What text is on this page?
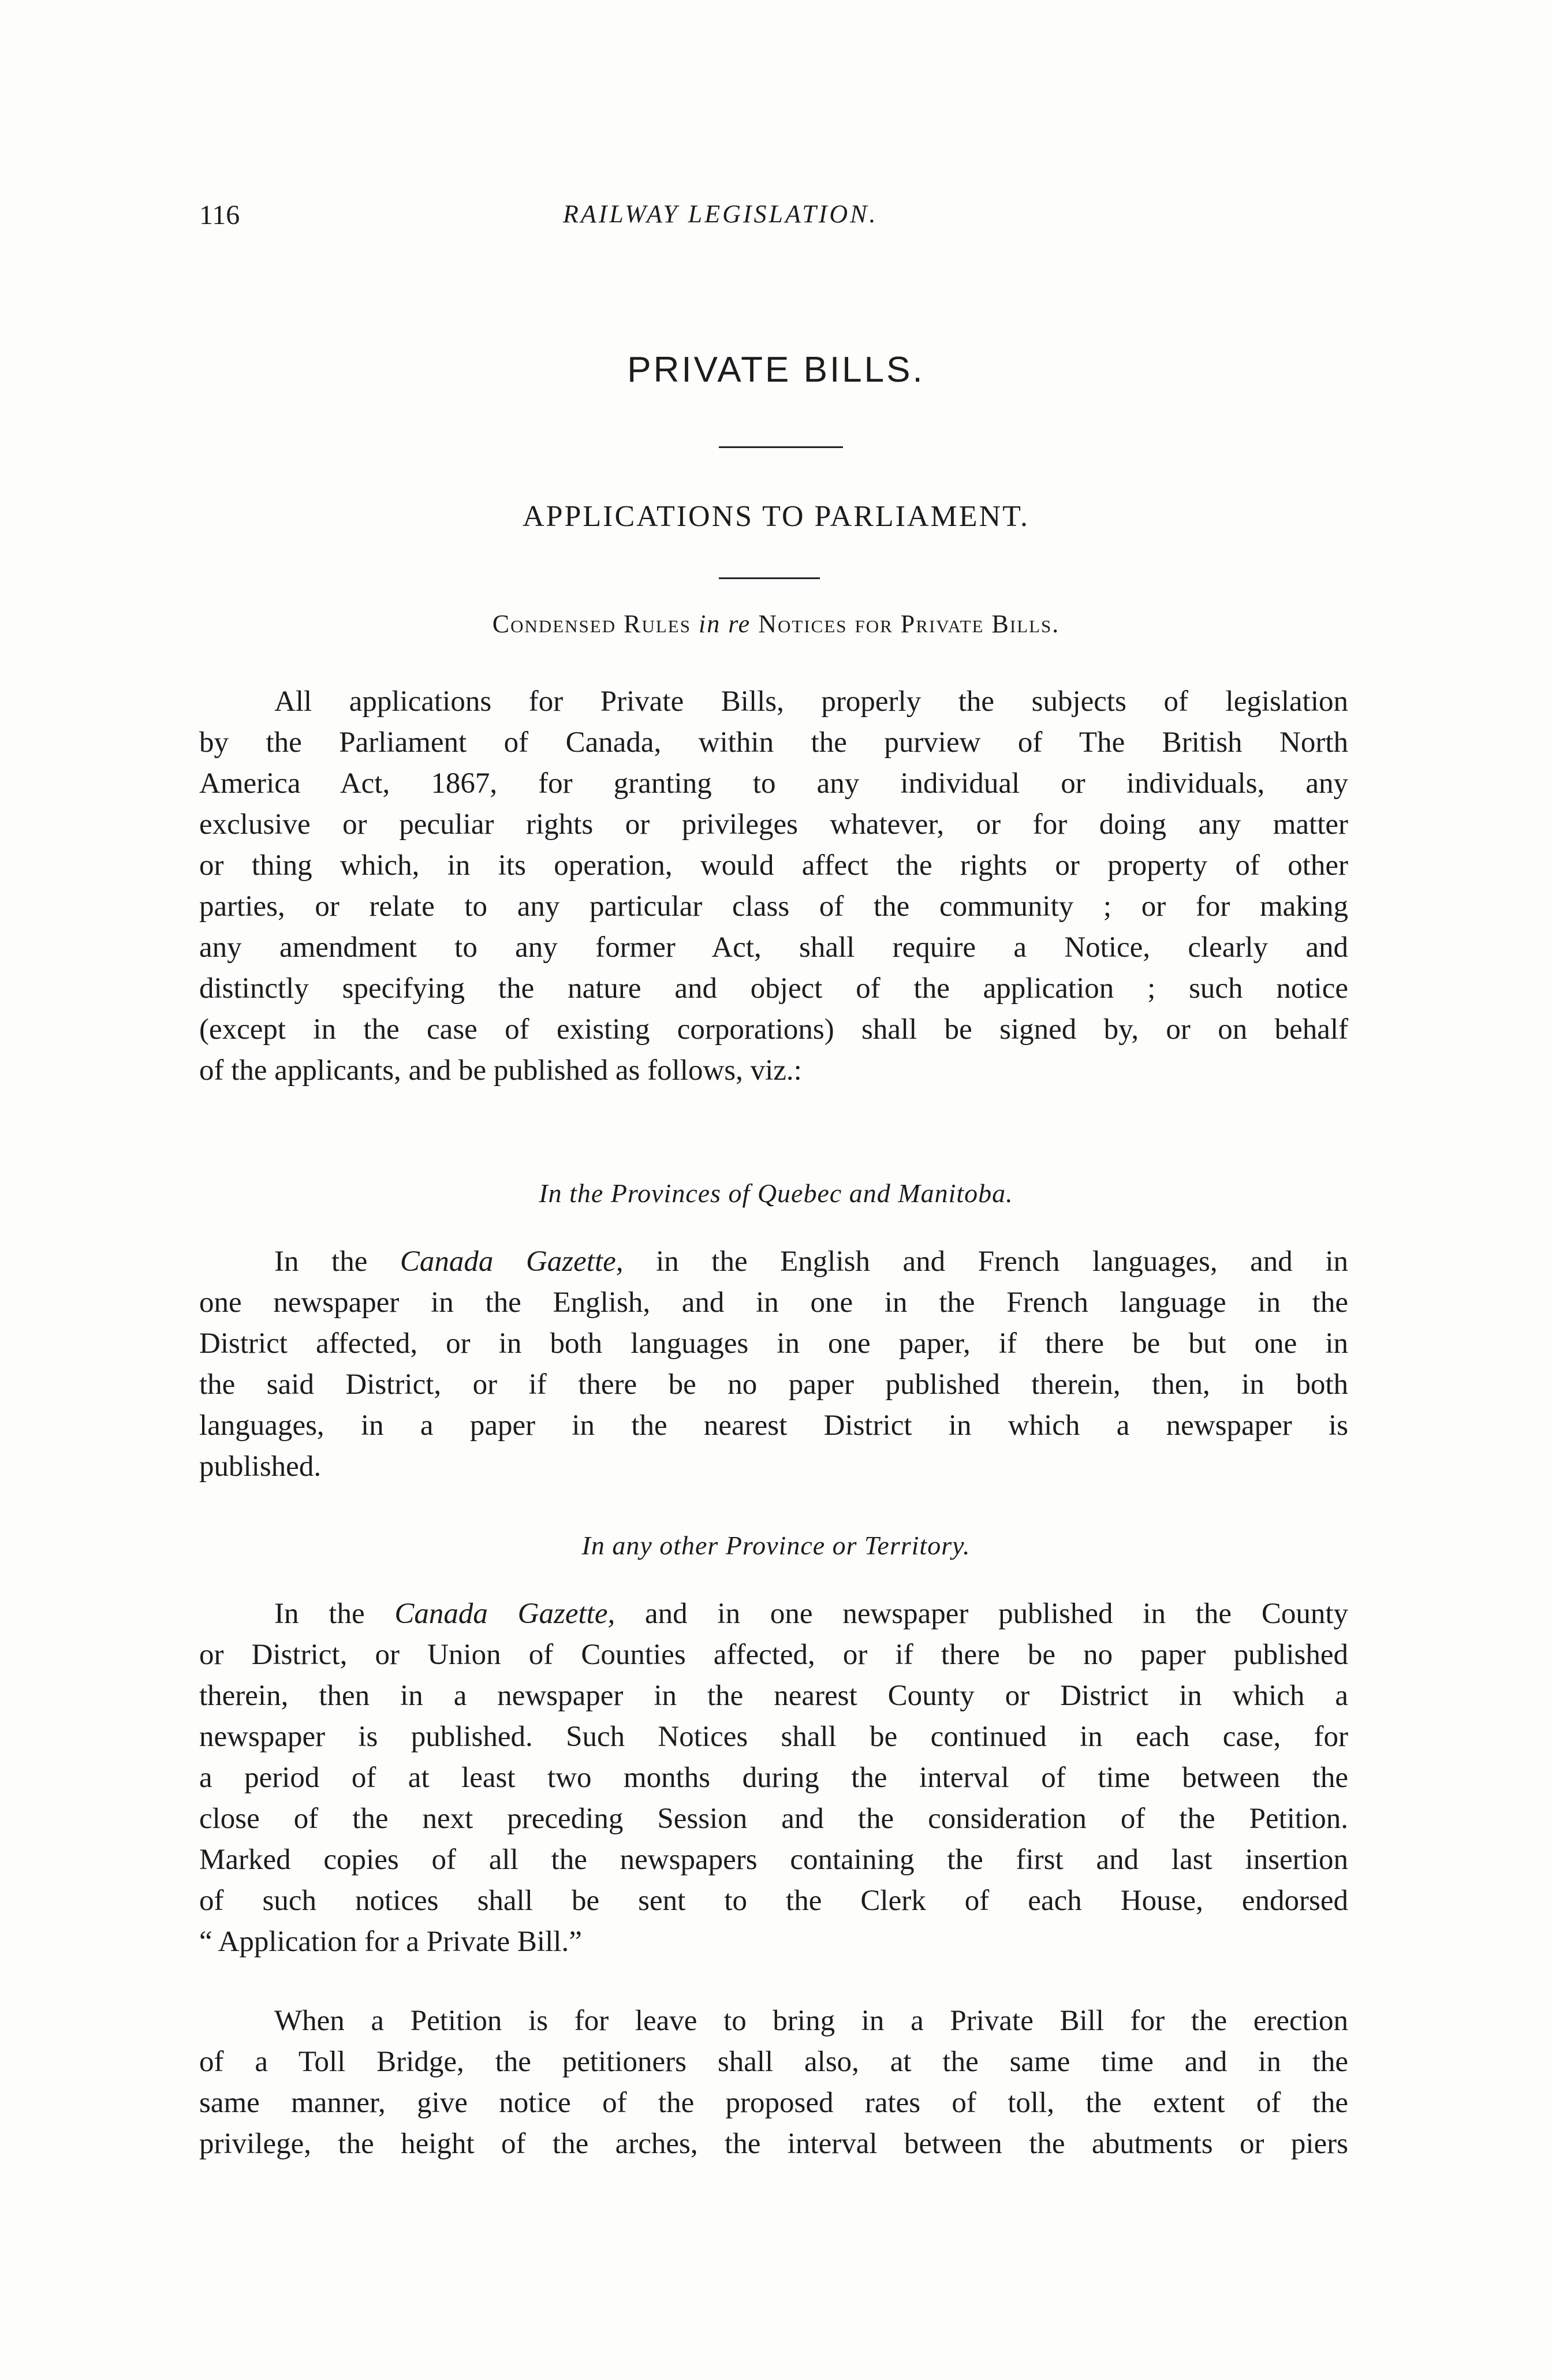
116	RAILWAY LEGISLATION.
PRIVATE BILLS.
APPLICATIONS TO PARLIAMENT.
Condensed Rules in re Notices for Private Bills.
All applications for Private Bills, properly the subjects of legislation
by the Parliament of Canada, within the purview of The British North
America Act, 1867, for granting to any individual or individuals, any
exclusive or peculiar rights or privileges whatever, or for doing any matter
or thing which, in its operation, would affect the rights or property of other
parties, or relate to any particular class of the community ; or for making
any amendment to any former Act, shall require a Notice, clearly and
distinctly specifying the nature and object of the application ; such notice
(except in the case of existing corporations) shall be signed by, or on behalf
of the applicants, and be published as follows, viz.:
In the Provinces of Quebec and Manitoba.
In the Canada Gazette, in the English and French languages, and in
one newspaper in the English, and in one in the French language in the
District affected, or in both languages in one paper, if there be but one in
the said District, or if there be no paper published therein, then, in both
languages, in a paper in the nearest District in which a newspaper is
published.
In any other Province or Territory.
In the Canada Gazette, and in one newspaper published in the County
or District, or Union of Counties affected, or if there be no paper published
therein, then in a newspaper in the nearest County or District in which a
newspaper is published. Such Notices shall be continued in each case, for
a period of at least two months during the interval of time between the
close of the next preceding Session and the consideration of the Petition.
Marked copies of all the newspapers containing the first and last insertion
of such notices shall be sent to the Clerk of each House, endorsed
“ Application for a Private Bill.”
When a Petition is for leave to bring in a Private Bill for the erection
of a Toll Bridge, the petitioners shall also, at the same time and in the
same manner, give notice of the proposed rates of toll, the extent of the
privilege, the height of the arches, the interval between the abutments or piers
